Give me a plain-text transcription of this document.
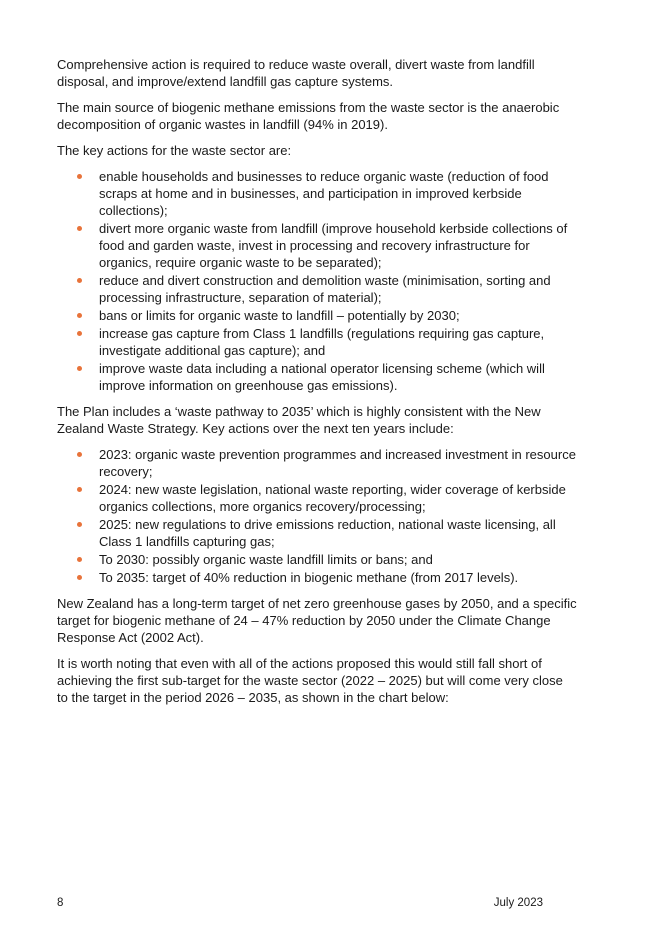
Comprehensive action is required to reduce waste overall, divert waste from landfill disposal, and improve/extend landfill gas capture systems.

The main source of biogenic methane emissions from the waste sector is the anaerobic decomposition of organic wastes in landfill (94% in 2019).

The key actions for the waste sector are:

enable households and businesses to reduce organic waste (reduction of food scraps at home and in businesses, and participation in improved kerbside collections);
divert more organic waste from landfill (improve household kerbside collections of food and garden waste, invest in processing and recovery infrastructure for organics, require organic waste to be separated);
reduce and divert construction and demolition waste (minimisation, sorting and processing infrastructure, separation of material);
bans or limits for organic waste to landfill – potentially by 2030;
increase gas capture from Class 1 landfills (regulations requiring gas capture, investigate additional gas capture); and
improve waste data including a national operator licensing scheme (which will improve information on greenhouse gas emissions).

The Plan includes a ‘waste pathway to 2035’ which is highly consistent with the New Zealand Waste Strategy. Key actions over the next ten years include:

2023: organic waste prevention programmes and increased investment in resource recovery;
2024: new waste legislation, national waste reporting, wider coverage of kerbside organics collections, more organics recovery/processing;
2025: new regulations to drive emissions reduction, national waste licensing, all Class 1 landfills capturing gas;
To 2030: possibly organic waste landfill limits or bans; and
To 2035: target of 40% reduction in biogenic methane (from 2017 levels).

New Zealand has a long-term target of net zero greenhouse gases by 2050, and a specific target for biogenic methane of 24 – 47% reduction by 2050 under the Climate Change Response Act (2002 Act).

It is worth noting that even with all of the actions proposed this would still fall short of achieving the first sub-target for the waste sector (2022 – 2025) but will come very close to the target in the period 2026 – 2035, as shown in the chart below:

8	July 2023
